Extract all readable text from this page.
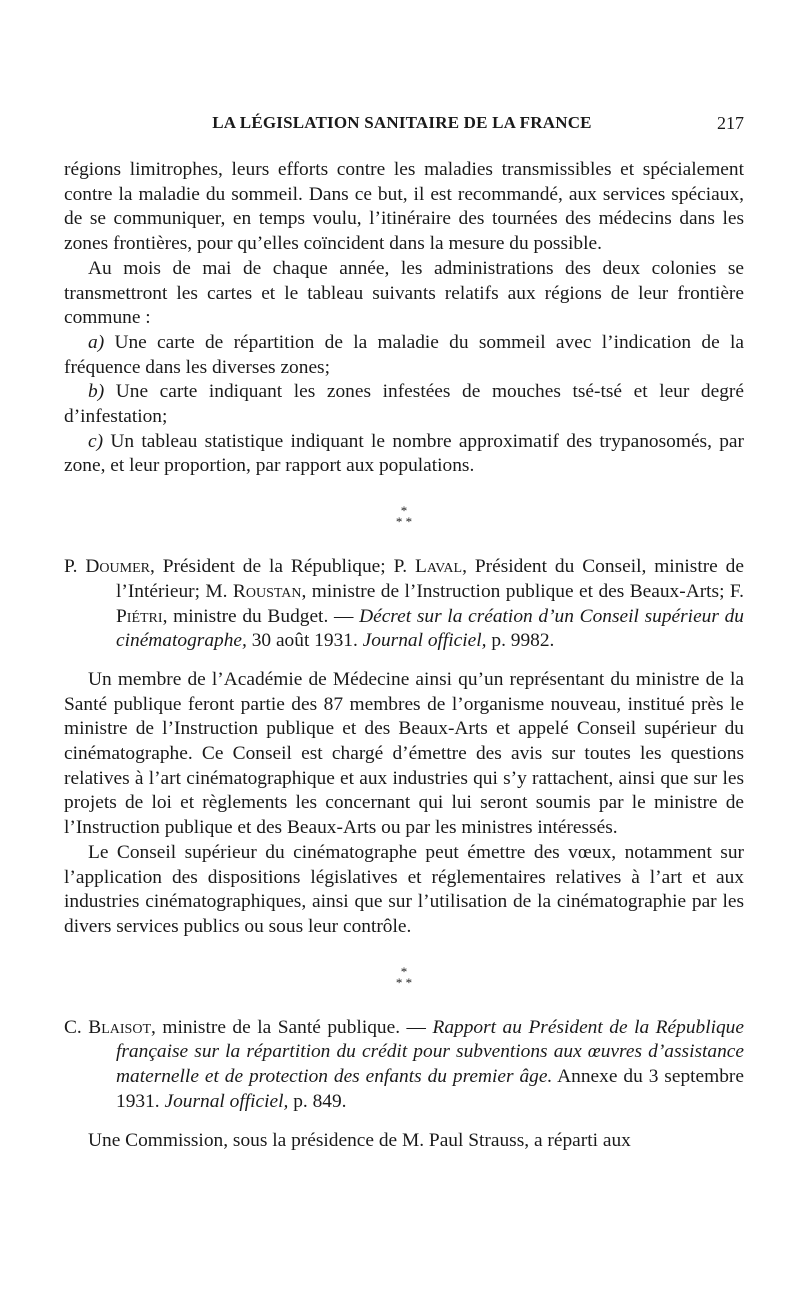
LA LÉGISLATION SANITAIRE DE LA FRANCE	217

régions limitrophes, leurs efforts contre les maladies transmissibles et spécialement contre la maladie du sommeil. Dans ce but, il est recommandé, aux services spéciaux, de se communiquer, en temps voulu, l’itinéraire des tournées des médecins dans les zones frontières, pour qu’elles coïncident dans la mesure du possible.

Au mois de mai de chaque année, les administrations des deux colonies se transmettront les cartes et le tableau suivants relatifs aux régions de leur frontière commune :

a) Une carte de répartition de la maladie du sommeil avec l’indication de la fréquence dans les diverses zones;

b) Une carte indiquant les zones infestées de mouches tsé-tsé et leur degré d’infestation;

c) Un tableau statistique indiquant le nombre approximatif des trypanosomés, par zone, et leur proportion, par rapport aux populations.

*
* *

P. Doumer, Président de la République; P. Laval, Président du Conseil, ministre de l’Intérieur; M. Roustan, ministre de l’Instruction publique et des Beaux-Arts; F. Piétri, ministre du Budget. — Décret sur la création d’un Conseil supérieur du cinématographe, 30 août 1931. Journal officiel, p. 9982.

Un membre de l’Académie de Médecine ainsi qu’un représentant du ministre de la Santé publique feront partie des 87 membres de l’organisme nouveau, institué près le ministre de l’Instruction publique et des Beaux-Arts et appelé Conseil supérieur du cinématographe. Ce Conseil est chargé d’émettre des avis sur toutes les questions relatives à l’art cinématographique et aux industries qui s’y rattachent, ainsi que sur les projets de loi et règlements les concernant qui lui seront soumis par le ministre de l’Instruction publique et des Beaux-Arts ou par les ministres intéressés.

Le Conseil supérieur du cinématographe peut émettre des vœux, notamment sur l’application des dispositions législatives et réglementaires relatives à l’art et aux industries cinématographiques, ainsi que sur l’utilisation de la cinématographie par les divers services publics ou sous leur contrôle.

*
* *

C. Blaisot, ministre de la Santé publique. — Rapport au Président de la République française sur la répartition du crédit pour subventions aux œuvres d’assistance maternelle et de protection des enfants du premier âge. Annexe du 3 septembre 1931. Journal officiel, p. 849.

Une Commission, sous la présidence de M. Paul Strauss, a réparti aux
